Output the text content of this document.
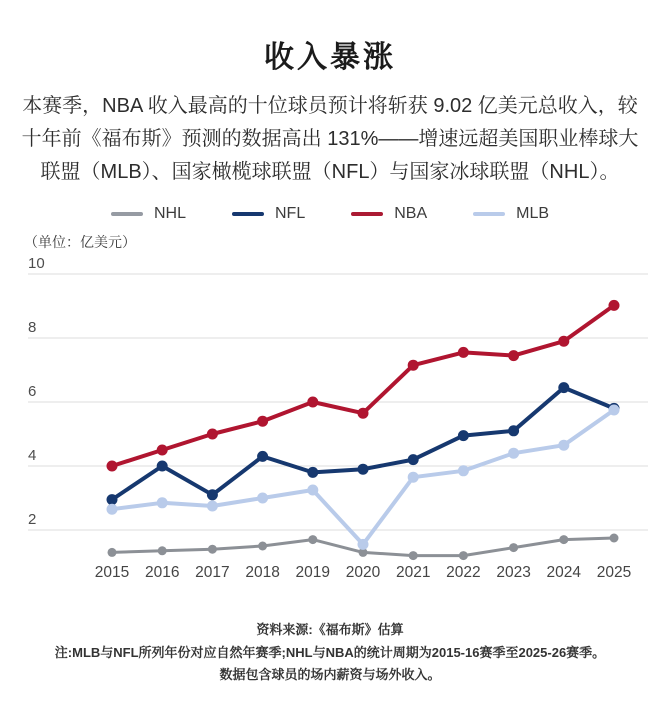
收入暴涨
本赛季，NBA 收入最高的十位球员预计将斩获 9.02 亿美元总收入，较十年前《福布斯》预测的数据高出 131%——增速远超美国职业棒球大联盟（MLB）、国家橄榄球联盟（NFL）与国家冰球联盟（NHL）。
NHL	NFL	NBA	MLB
（单位：亿美元）
2
4
6
8
10
2015 2016 2017 2018 2019 2020 2021 2022 2023 2024 2025
资料来源:《福布斯》估算
注:MLB与NFL所列年份对应自然年赛季;NHL与NBA的统计周期为2015-16赛季至2025-26赛季。
数据包含球员的场内薪资与场外收入。
